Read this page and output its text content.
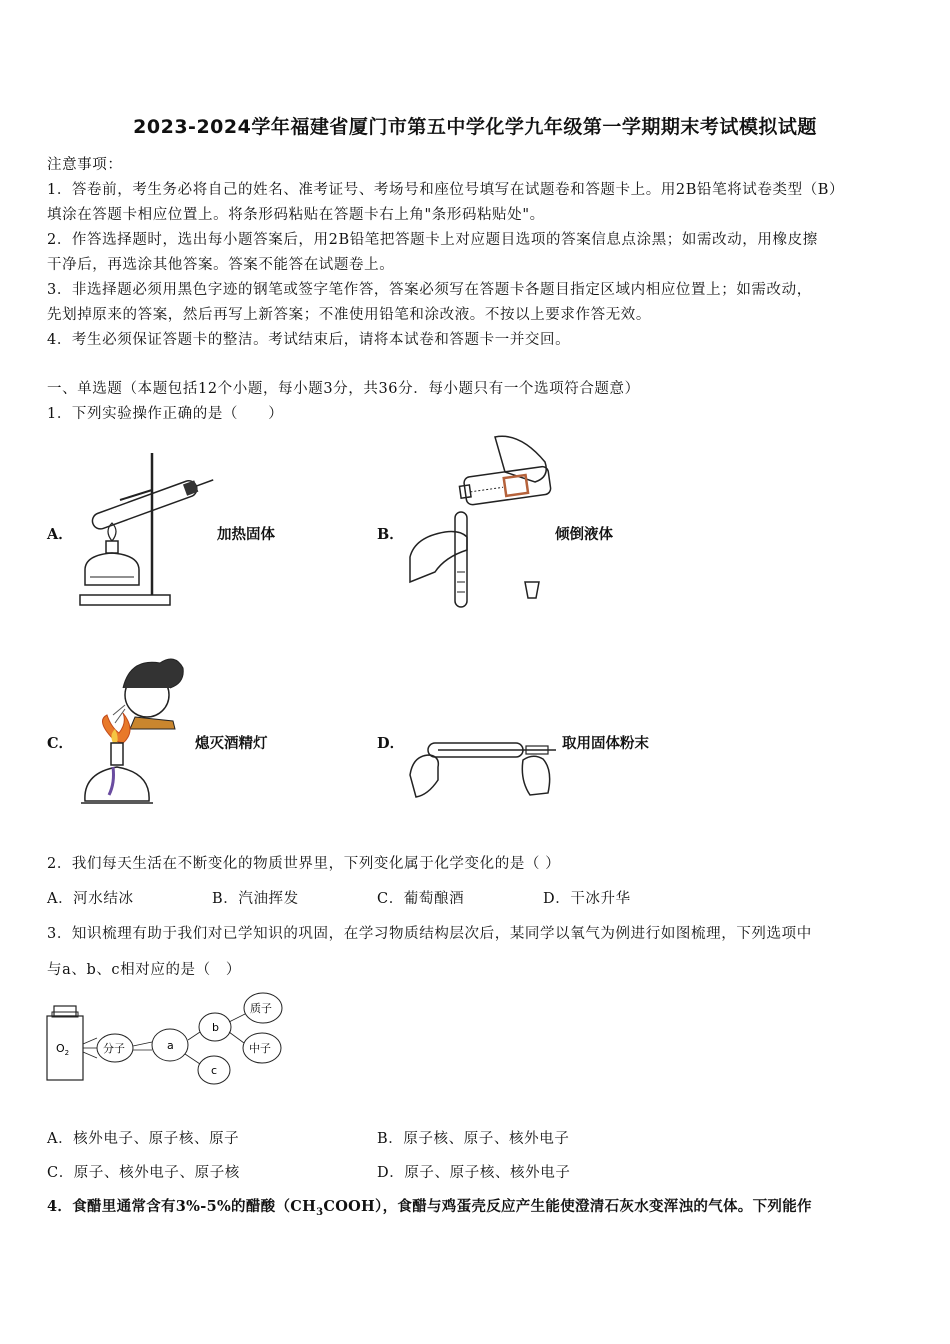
2023-2024学年福建省厦门市第五中学化学九年级第一学期期末考试模拟试题
注意事项：
1．答卷前，考生务必将自己的姓名、准考证号、考场号和座位号填写在试题卷和答题卡上。用2B铅笔将试卷类型（B）
填涂在答题卡相应位置上。将条形码粘贴在答题卡右上角"条形码粘贴处"。
2．作答选择题时，选出每小题答案后，用2B铅笔把答题卡上对应题目选项的答案信息点涂黑；如需改动，用橡皮擦
干净后，再选涂其他答案。答案不能答在试题卷上。
3．非选择题必须用黑色字迹的钢笔或签字笔作答，答案必须写在答题卡各题目指定区域内相应位置上；如需改动，
先划掉原来的答案，然后再写上新答案；不准使用铅笔和涂改液。不按以上要求作答无效。
4．考生必须保证答题卡的整洁。考试结束后，请将本试卷和答题卡一并交回。
一、单选题（本题包括12个小题，每小题3分，共36分．每小题只有一个选项符合题意）
1．下列实验操作正确的是（　　）
A．	加热固体	B．	倾倒液体
C．	熄灭酒精灯	D．	取用固体粉末
2．我们每天生活在不断变化的物质世界里，下列变化属于化学变化的是（ ）
A．河水结冰	B．汽油挥发	C．葡萄酿酒	D．干冰升华
3．知识梳理有助于我们对已学知识的巩固，在学习物质结构层次后，某同学以氧气为例进行如图梳理，下列选项中
与a、b、c相对应的是（　）
$O_2$	分子	a
b
c
质子
中子
A．核外电子、原子核、原子	B．原子核、原子、核外电子
C．原子、核外电子、原子核	D．原子、原子核、核外电子
4．食醋里通常含有3%-5%的醋酸$(CH_3COOH)$，食醋与鸡蛋壳反应产生能使澄清石灰水变浑浊的气体。下列能作
